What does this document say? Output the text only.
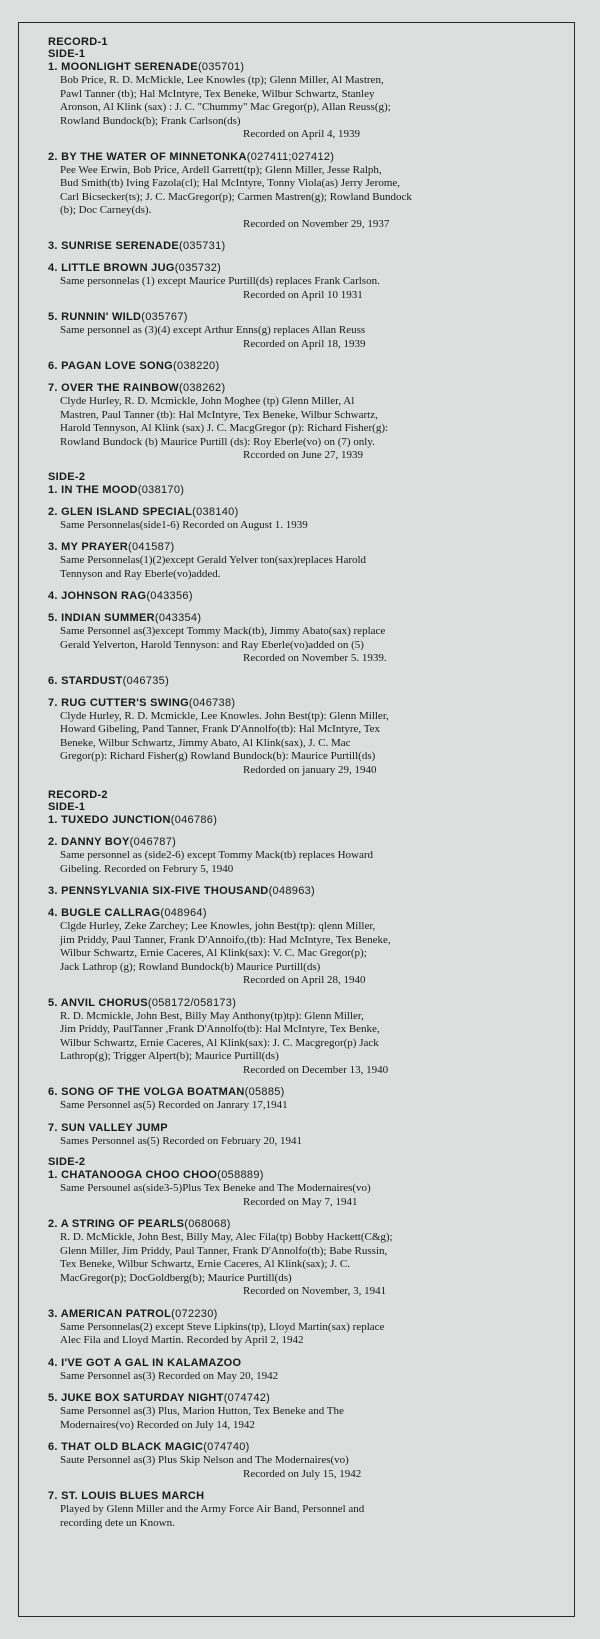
RECORD-1
SIDE-1
1. MOONLIGHT SERENADE(035701)
Bob Price, R. D. McMickle, Lee Knowles (tp); Glenn Miller, Al Mastren,
Pawl Tanner (tb); Hal McIntyre, Tex Beneke, Wilbur Schwartz, Stanley
Aronson, Al Klink (sax) : J. C. "Chummy" Mac Gregor(p), Allan Reuss(g);
Rowland Bundock(b); Frank Carlson(ds)
Recorded on April 4, 1939
2. BY THE WATER OF MINNETONKA(027411;027412)
Pee Wee Erwin, Bob Price, Ardell Garrett(tp); Glenn Miller, Jesse Ralph,
Bud Smith(tb) Iving Fazola(cl); Hal McIntyre, Tonny Viola(as) Jerry Jerome,
Carl Bicsecker(ts); J. C. MacGregor(p); Carmen Mastren(g); Rowland Bundock
(b); Doc Carney(ds).
Recorded on November 29, 1937
3. SUNRISE SERENADE(035731)
4. LITTLE BROWN JUG(035732)
Same personnelas (1) except Maurice Purtill(ds) replaces Frank Carlson.
Recorded on April 10 1931
5. RUNNIN' WILD(035767)
Same personnel as (3)(4) except Arthur Enns(g) replaces Allan Reuss
Recorded on April 18, 1939
6. PAGAN LOVE SONG(038220)
7. OVER THE RAINBOW(038262)
Clyde Hurley, R. D. Mcmickle, John Moghee (tp) Glenn Miller, Al
Mastren, Paul Tanner (tb): Hal McIntyre, Tex Beneke, Wilbur Schwartz,
Harold Tennyson, Al Klink (sax) J. C. MacgGregor (p): Richard Fisher(g):
Rowland Bundock (b) Maurice Purtill (ds): Roy Eberle(vo) on (7) only.
Rccorded on June 27, 1939
SIDE-2
1. IN THE MOOD(038170)
2. GLEN ISLAND SPECIAL(038140)
Same Personnelas(side1-6) Recorded on August 1. 1939
3. MY PRAYER(041587)
Same Personnelas(1)(2)except Gerald Yelver ton(sax)replaces Harold
Tennyson and Ray Eberle(vo)added.
4. JOHNSON RAG(043356)
5. INDIAN SUMMER(043354)
Same Personnel as(3)except Tommy Mack(tb), Jimmy Abato(sax) replace
Gerald Yelverton, Harold Tennyson: and Ray Eberle(vo)added on (5)
Recorded on November 5. 1939.
6. STARDUST(046735)
7. RUG CUTTER'S SWING(046738)
Clyde Hurley, R. D. Mcmickle, Lee Knowles. John Best(tp): Glenn Miller,
Howard Gibeling, Pand Tanner, Frank D'Annolfo(tb): Hal McIntyre, Tex
Beneke, Wilbur Schwartz, Jimmy Abato, Al Klink(sax), J. C. Mac
Gregor(p): Richard Fisher(g) Rowland Bundock(b): Maurice Purtill(ds)
Redorded on january 29, 1940
RECORD-2
SIDE-1
1. TUXEDO JUNCTION(046786)
2. DANNY BOY(046787)
Same personnel as (side2-6) except Tommy Mack(tb) replaces Howard
Gibeling. Recorded on Februry 5, 1940
3. PENNSYLVANIA SIX-FIVE THOUSAND(048963)
4. BUGLE CALLRAG(048964)
Clgde Hurley, Zeke Zarchey; Lee Knowles, john Best(tp): qlenn Miller,
jim Priddy, Paul Tanner, Frank D'Annoifo,(tb): Had McIntyre, Tex Beneke,
Wilbur Schwartz, Ernie Caceres, Al Klink(sax): V. C. Mac Gregor(p);
Jack Lathrop (g); Rowland Bundock(b) Maurice Purtill(ds)
Recorded on April 28, 1940
5. ANVIL CHORUS(058172/058173)
R. D. Mcmickle, John Best, Billy May Anthony(tp)tp): Glenn Miller,
Jim Priddy, PaulTanner ,Frank D'Annolfo(tb): Hal McIntyre, Tex Benke,
Wilbur Schwartz, Ernie Caceres, Al Klink(sax): J. C. Macgregor(p) Jack
Lathrop(g); Trigger Alpert(b); Maurice Purtill(ds)
Recorded on December 13, 1940
6. SONG OF THE VOLGA BOATMAN(05885)
Same Personnel as(5) Recorded on Janrary 17,1941
7. SUN VALLEY JUMP
Sames Personnel as(5) Recorded on February 20, 1941
SIDE-2
1. CHATANOOGA CHOO CHOO(058889)
Same Persounel as(side3-5)Plus Tex Beneke and The Modernaires(vo)
Recorded on May 7, 1941
2. A STRING OF PEARLS(068068)
R. D. McMickle, John Best, Billy May, Alec Fila(tp) Bobby Hackett(C&g);
Glenn Miller, Jim Priddy, Paul Tanner, Frank D'Annolfo(tb); Babe Russin,
Tex Beneke, Wilbur Schwartz, Ernie Caceres, Al Klink(sax); J. C.
MacGregor(p); DocGoldberg(b); Maurice Purtill(ds)
Recorded on November, 3, 1941
3. AMERICAN PATROL(072230)
Same Personnelas(2) except Steve Lipkins(tp), Lloyd Martin(sax) replace
Alec Fila and Lloyd Martin. Recorded by April 2, 1942
4. I'VE GOT A GAL IN KALAMAZOO
Same Personnel as(3) Recorded on May 20, 1942
5. JUKE BOX SATURDAY NIGHT(074742)
Same Personnel as(3) Plus, Marion Hutton, Tex Beneke and The
Modernaires(vo) Recorded on July 14, 1942
6. THAT OLD BLACK MAGIC(074740)
Saute Personnel as(3) Plus Skip Nelson and The Modernaires(vo)
Recorded on July 15, 1942
7. ST. LOUIS BLUES MARCH
Played by Glenn Miller and the Army Force Air Band, Personnel and
recording dete un Known.
